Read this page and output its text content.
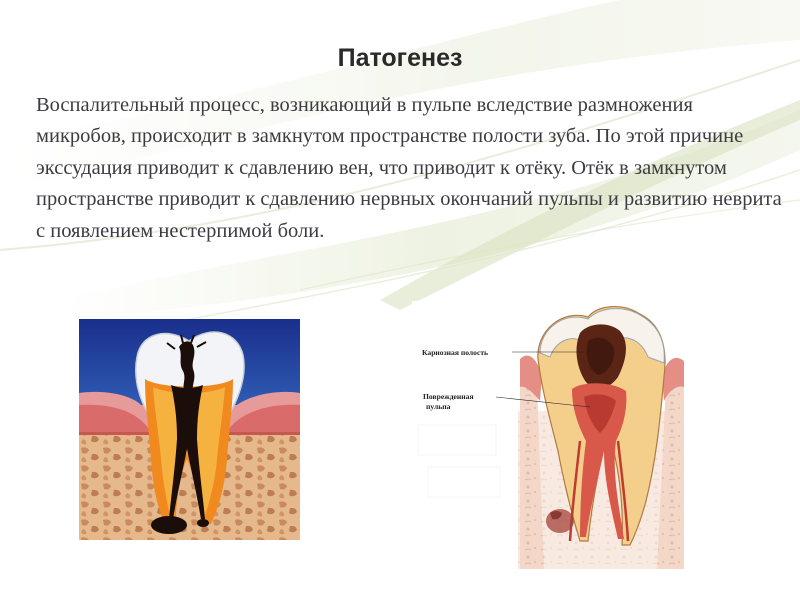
Патогенез

Воспалительный процесс, возникающий в пульпе вследствие размножения микробов, происходит в замкнутом пространстве полости зуба. По этой причине экссудация приводит к сдавлению вен, что приводит к отёку. Отёк в замкнутом пространстве приводит к сдавлению нервных окончаний пульпы и развитию неврита с появлением нестерпимой боли.

Кариозная полость
Поврежденная
пульпа
